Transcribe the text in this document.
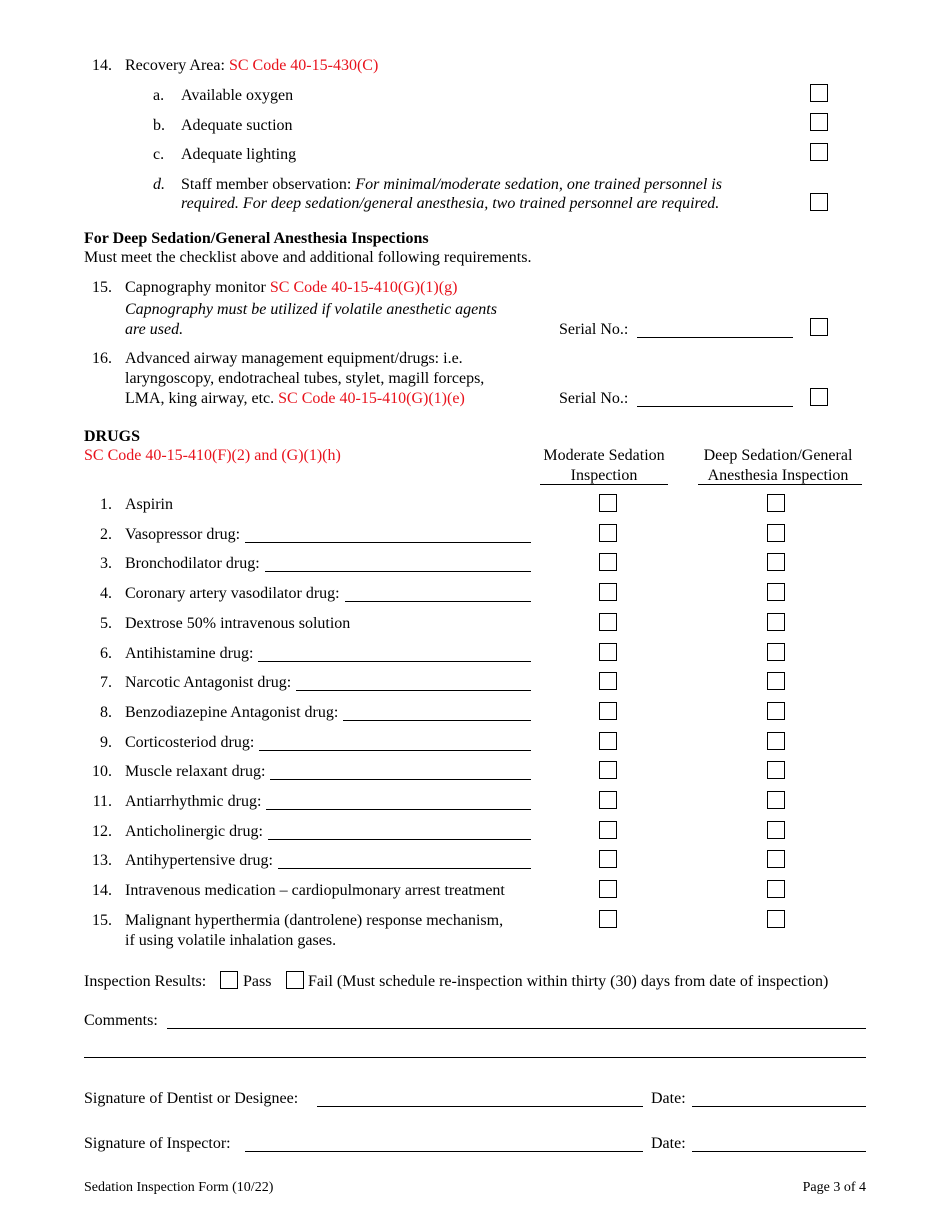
14. Recovery Area: SC Code 40-15-430(C)
a. Available oxygen
b. Adequate suction
c. Adequate lighting
d. Staff member observation: For minimal/moderate sedation, one trained personnel is
required. For deep sedation/general anesthesia, two trained personnel are required.
For Deep Sedation/General Anesthesia Inspections
Must meet the checklist above and additional following requirements.
15. Capnography monitor SC Code 40-15-410(G)(1)(g)
Capnography must be utilized if volatile anesthetic agents
are used.	Serial No.:
16. Advanced airway management equipment/drugs: i.e.
laryngoscopy, endotracheal tubes, stylet, magill forceps,
LMA, king airway, etc. SC Code 40-15-410(G)(1)(e)	Serial No.:
DRUGS
SC Code 40-15-410(F)(2) and (G)(1)(h)	Moderate Sedation
Inspection
Deep Sedation/General
Anesthesia Inspection
1. Aspirin
2. Vasopressor drug:
3. Bronchodilator drug:
4. Coronary artery vasodilator drug:
5. Dextrose 50% intravenous solution
6. Antihistamine drug:
7. Narcotic Antagonist drug:
8. Benzodiazepine Antagonist drug:
9. Corticosteriod drug:
10. Muscle relaxant drug:
11. Antiarrhythmic drug:
12. Anticholinergic drug:
13. Antihypertensive drug:
14. Intravenous medication – cardiopulmonary arrest treatment
15. Malignant hyperthermia (dantrolene) response mechanism,
if using volatile inhalation gases.
Inspection Results: Pass Fail (Must schedule re-inspection within thirty (30) days from date of inspection)
Comments:
Signature of Dentist or Designee:	Date:
Signature of Inspector:	Date:
Sedation Inspection Form (10/22)	Page 3 of 4
